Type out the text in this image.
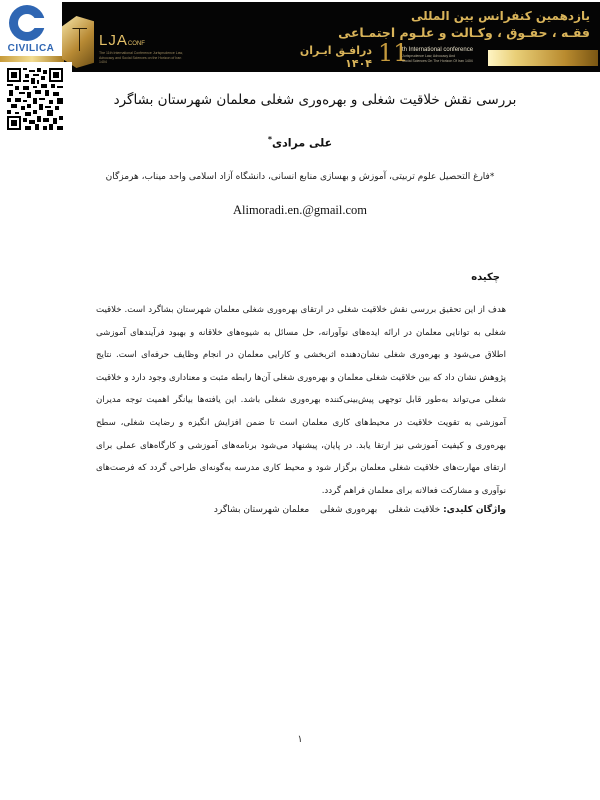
CIVILICA	LJACONF
The 11th International Conference Jurisprudence Law, Advocacy and Social Sciences on the Horizon of Iran 1404
یازدهمین کنفرانس بین المللی
فقـه ، حقـوق ، وکـالت و علـوم اجتمـاعی
درافـق ایـران ۱۴۰۴ 11
th International conference
Jurisprudence Law, Advocacy And
Social Sciences On The Horizon Of Iran 1404
بررسی نقش خلاقیت شغلی و بهره‌وری شغلی معلمان شهرستان بشاگرد
علی مرادی*
*فارغ التحصیل علوم تربیتی، آموزش و بهسازی منابع انسانی، دانشگاه آزاد اسلامی واحد میناب، هرمزگان
Alimoradi.en.@gmail.com
چکیده
هدف از این تحقیق بررسی نقش خلاقیت شغلی در ارتقای بهره‌وری شغلی معلمان شهرستان بشاگرد است. خلاقیت شغلی به توانایی معلمان در ارائه ایده‌های نوآورانه، حل مسائل به شیوه‌های خلاقانه و بهبود فرآیندهای آموزشی اطلاق می‌شود و بهره‌وری شغلی نشان‌دهنده اثربخشی و کارایی معلمان در انجام وظایف حرفه‌ای است. نتایج پژوهش نشان داد که بین خلاقیت شغلی معلمان و بهره‌وری شغلی آن‌ها رابطه مثبت و معناداری وجود دارد و خلاقیت شغلی می‌تواند به‌طور قابل توجهی پیش‌بینی‌کننده بهره‌وری شغلی باشد. این یافته‌ها بیانگر اهمیت توجه مدیران آموزشی به تقویت خلاقیت در محیط‌های کاری معلمان است تا ضمن افزایش انگیزه و رضایت شغلی، سطح بهره‌وری و کیفیت آموزشی نیز ارتقا یابد. در پایان، پیشنهاد می‌شود برنامه‌های آموزشی و کارگاه‌های عملی برای ارتقای مهارت‌های خلاقیت شغلی معلمان برگزار شود و محیط کاری مدرسه به‌گونه‌ای طراحی گردد که فرصت‌های نوآوری و مشارکت فعالانه برای معلمان فراهم گردد.
واژگان کلیدی: خلاقیت شغلی بهره‌وری شغلی معلمان شهرستان بشاگرد
۱
